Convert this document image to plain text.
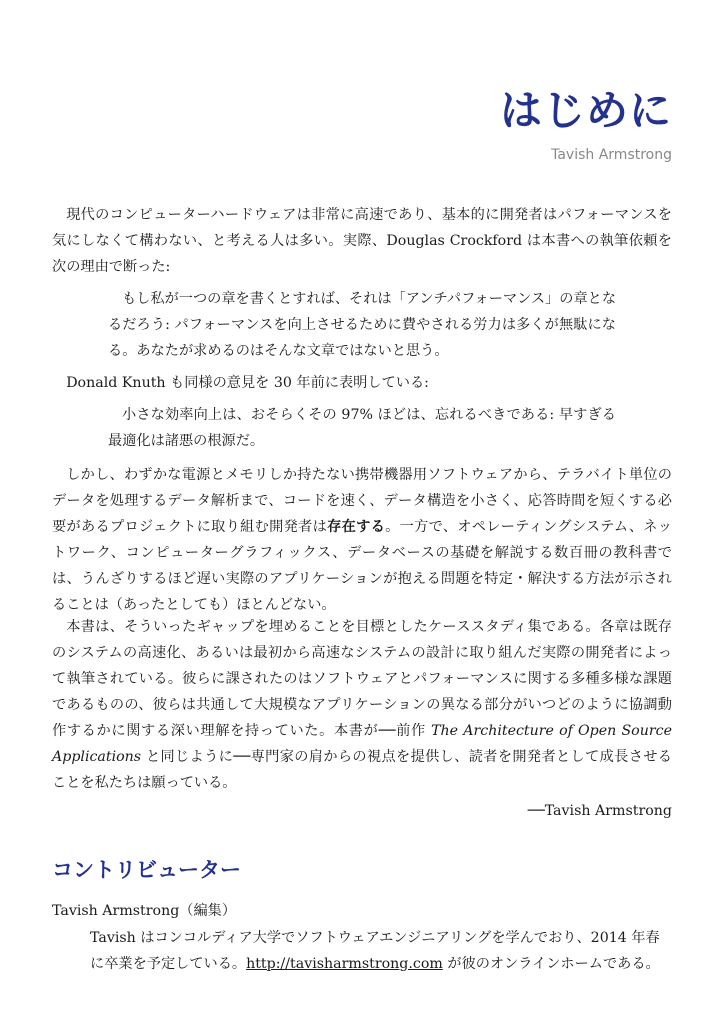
はじめに
Tavish Armstrong

現代のコンピューターハードウェアは非常に高速であり、基本的に開発者はパフォーマンスを気にしなくて構わない、と考える人は多い。実際、Douglas Crockford は本書への執筆依頼を次の理由で断った:

もし私が一つの章を書くとすれば、それは「アンチパフォーマンス」の章となるだろう: パフォーマンスを向上させるために費やされる労力は多くが無駄になる。あなたが求めるのはそんな文章ではないと思う。

Donald Knuth も同様の意見を 30 年前に表明している:

小さな効率向上は、おそらくその 97% ほどは、忘れるべきである: 早すぎる最適化は諸悪の根源だ。

しかし、わずかな電源とメモリしか持たない携帯機器用ソフトウェアから、テラバイト単位のデータを処理するデータ解析まで、コードを速く、データ構造を小さく、応答時間を短くする必要があるプロジェクトに取り組む開発者は存在する。一方で、オペレーティングシステム、ネットワーク、コンピューターグラフィックス、データベースの基礎を解説する数百冊の教科書では、うんざりするほど遅い実際のアプリケーションが抱える問題を特定・解決する方法が示されることは（あったとしても）ほとんどない。

本書は、そういったギャップを埋めることを目標としたケーススタディ集である。各章は既存のシステムの高速化、あるいは最初から高速なシステムの設計に取り組んだ実際の開発者によって執筆されている。彼らに課されたのはソフトウェアとパフォーマンスに関する多種多様な課題であるものの、彼らは共通して大規模なアプリケーションの異なる部分がいつどのように協調動作するかに関する深い理解を持っていた。本書が──前作 The Architecture of Open Source Applications と同じように──専門家の肩からの視点を提供し、読者を開発者として成長させることを私たちは願っている。

──Tavish Armstrong
コントリビューター
Tavish Armstrong（編集）

Tavish はコンコルディア大学でソフトウェアエンジニアリングを学んでおり、2014 年春に卒業を予定している。http://tavisharmstrong.com が彼のオンラインホームである。
